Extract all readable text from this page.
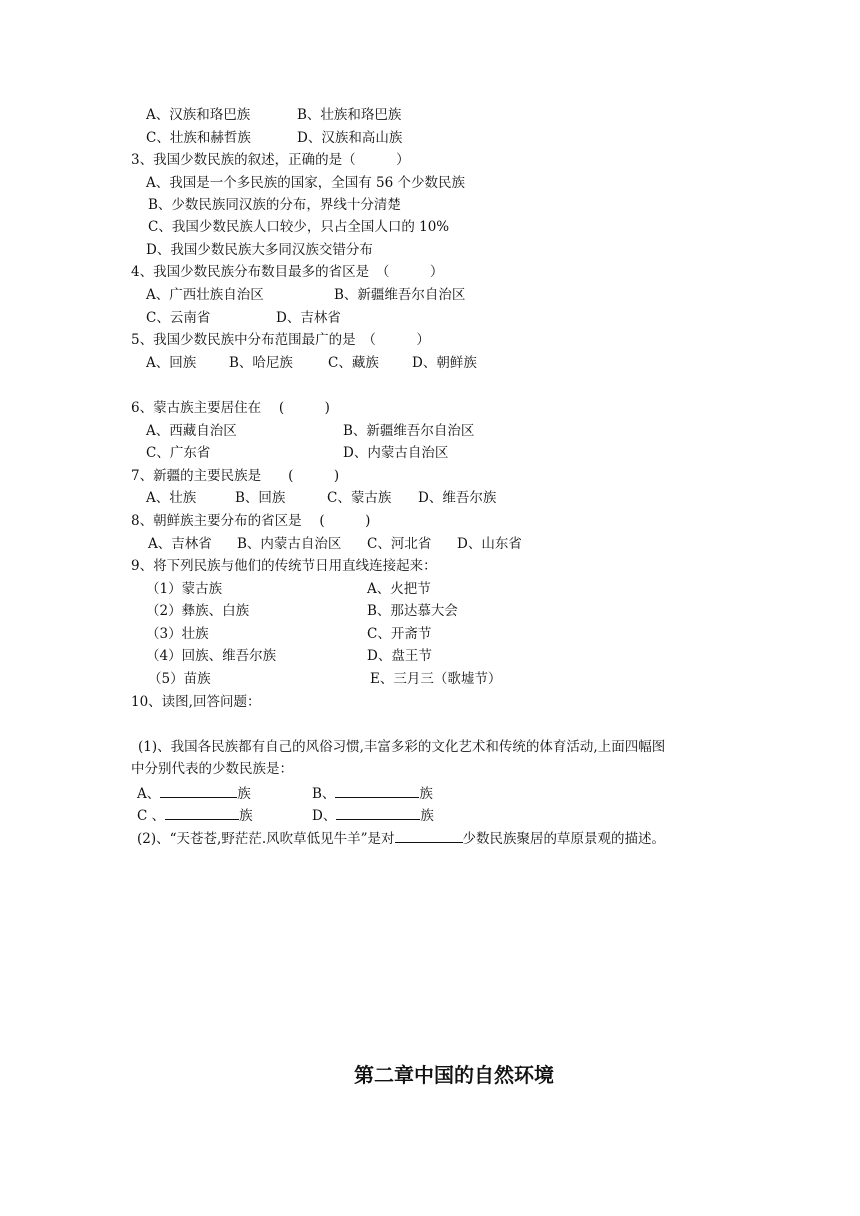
A、汉族和珞巴族	B、壮族和珞巴族
C、壮族和赫哲族	D、汉族和高山族
3、我国少数民族的叙述，正确的是（　　　）
A、我国是一个多民族的国家，全国有 56 个少数民族
B、少数民族同汉族的分布，界线十分清楚
C、我国少数民族人口较少，只占全国人口的 10%
D、我国少数民族大多同汉族交错分布
4、我国少数民族分布数目最多的省区是　（　　　）
A、广西壮族自治区	B、新疆维吾尔自治区
C、云南省	D、吉林省
5、我国少数民族中分布范围最广的是　（　　　）
A、回族 B、哈尼族	C、藏族 D、朝鲜族
6、蒙古族主要居住在　 (　　　)
A、西藏自治区	B、新疆维吾尔自治区
C、广东省	D、内蒙古自治区
7、新疆的主要民族是　　(　　　)
A、壮族	B、回族	C、蒙古族 D、维吾尔族
8、朝鲜族主要分布的省区是　 (　　　)
A、吉林省 B、内蒙古自治区 C、河北省 D、山东省
9、将下列民族与他们的传统节日用直线连接起来：
（1）蒙古族	A、火把节
（2）彝族、白族	B、那达慕大会
（3）壮族	C、开斋节
（4）回族、维吾尔族	D、盘王节
（5）苗族	E、三月三（歌墟节）
10、读图,回答问题：
(1)、我国各民族都有自己的风俗习惯,丰富多彩的文化艺术和传统的体育活动,上面四幅图
中分别代表的少数民族是：
A、	族	B、	族
C 、	族	D、	族
(2)、“天苍苍,野茫茫.风吹草低见牛羊”是对	少数民族聚居的草原景观的描述。
第二章中国的自然环境
